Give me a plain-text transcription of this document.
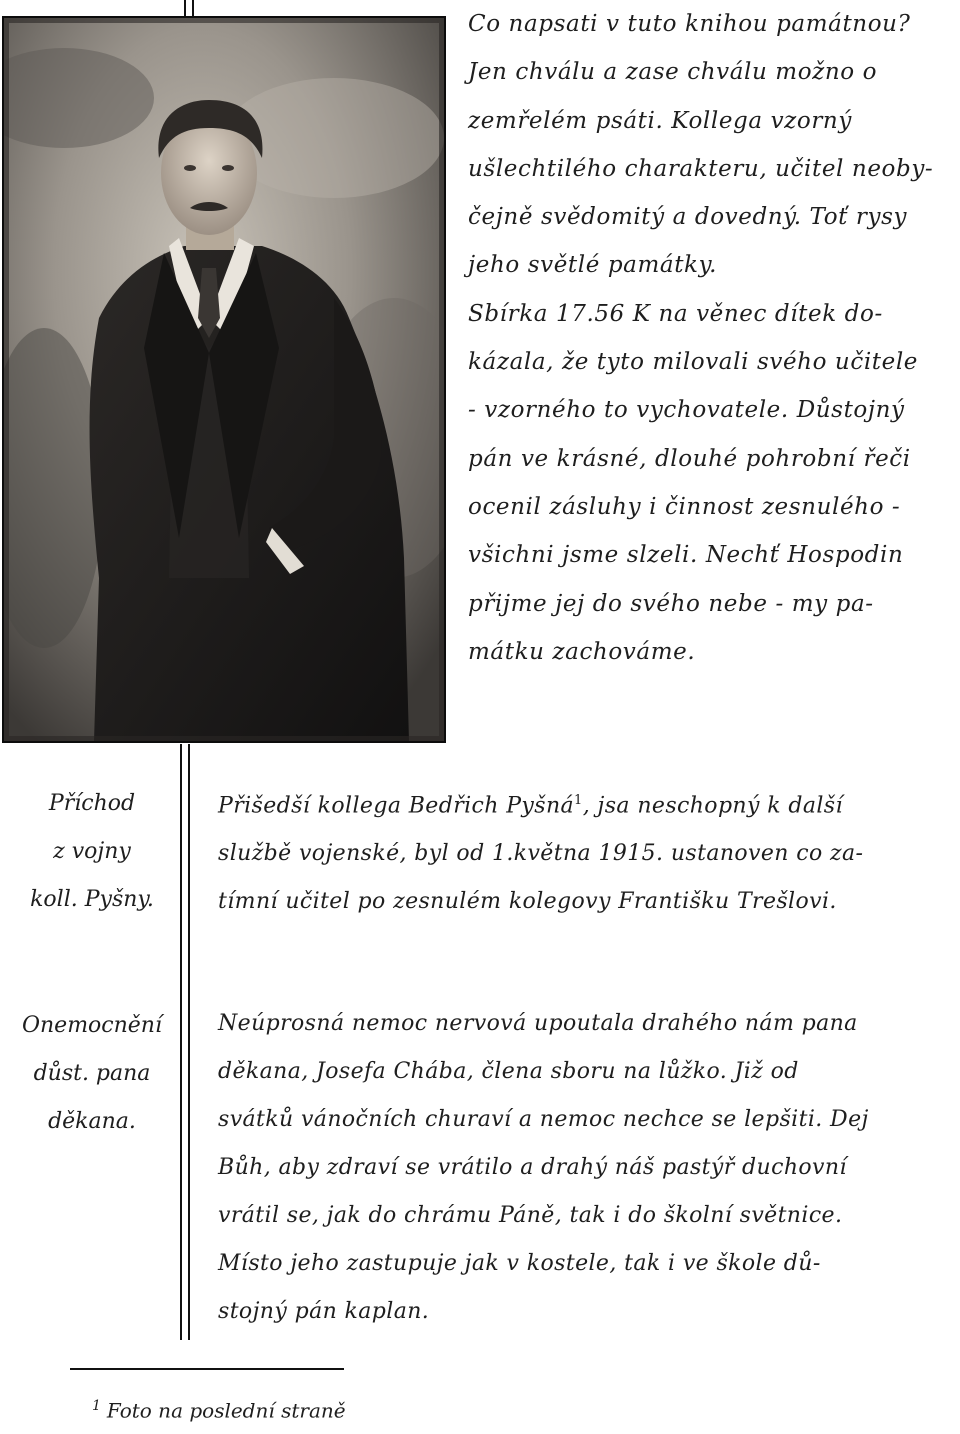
Co napsati v tuto knihou památnou?
Jen chválu a zase chválu možno o
zemřelém psáti. Kollega vzorný
ušlechtilého charakteru, učitel neoby-
čejně svědomitý a dovedný. Toť rysy
jeho světlé památky.
Sbírka 17.56 K na věnec dítek do-
kázala, že tyto milovali svého učitele
- vzorného to vychovatele. Důstojný
pán ve krásné, dlouhé pohrobní řeči
ocenil zásluhy i činnost zesnulého -
všichni jsme slzeli. Nechť Hospodin
přijme jej do svého nebe - my pa-
mátku zachováme.
Příchod
z vojny
koll. Pyšny.
Přišedší kollega Bedřich Pyšná$^1$, jsa neschopný k další
službě vojenské, byl od 1.května 1915. ustanoven co za-
tímní učitel po zesnulém kolegovy Františku Trešlovi.
Onemocnění
důst. pana
děkana.
Neúprosná nemoc nervová upoutala drahého nám pana
děkana, Josefa Chába, člena sboru na lůžko. Již od
svátků vánočních churaví a nemoc nechce se lepšiti. Dej
Bůh, aby zdraví se vrátilo a drahý náš pastýř duchovní
vrátil se, jak do chrámu Páně, tak i do školní světnice.
Místo jeho zastupuje jak v kostele, tak i ve škole dů-
stojný pán kaplan.
$^1$ Foto na poslední straně
